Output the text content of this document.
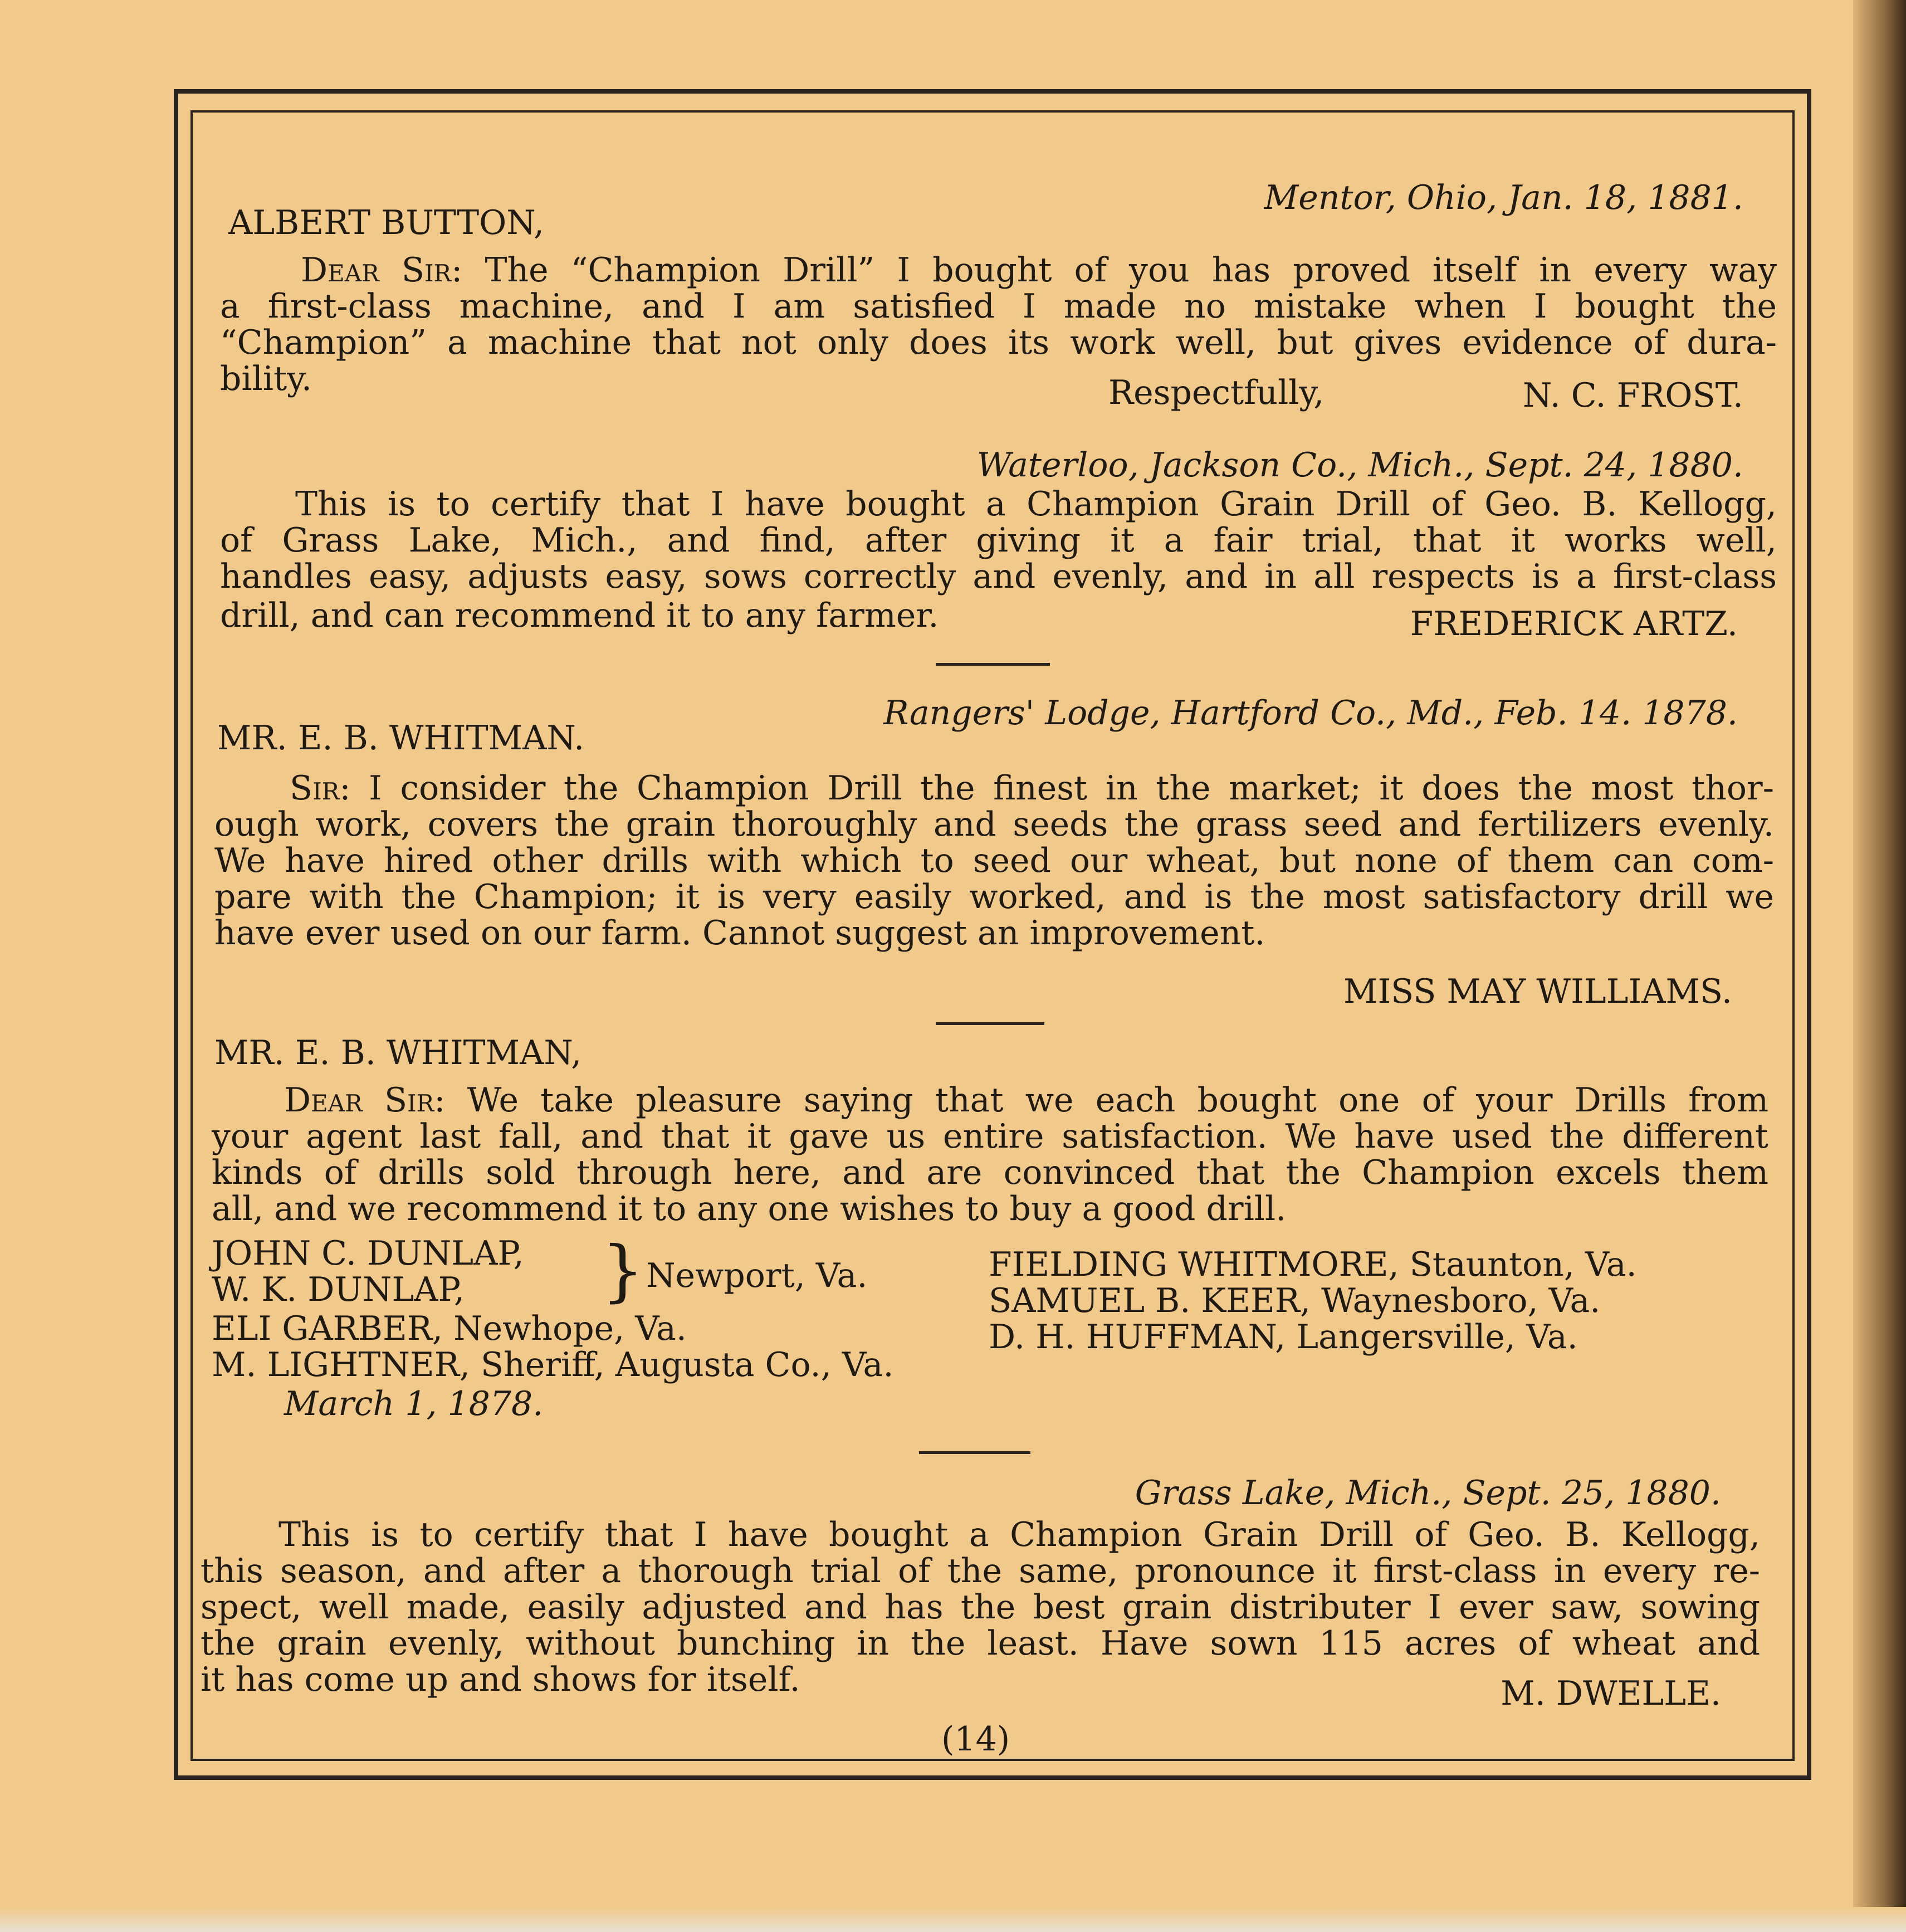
Mentor, Ohio, Jan. 18, 1881.
ALBERT BUTTON,
Dear Sir: The “Champion Drill” I bought of you has proved itself in every way
a first-class machine, and I am satisfied I made no mistake when I bought the
“Champion” a machine that not only does its work well, but gives evidence of dura-
bility.	Respectfully,	N. C. FROST.
Waterloo, Jackson Co., Mich., Sept. 24, 1880.
This is to certify that I have bought a Champion Grain Drill of Geo. B. Kellogg,
of Grass Lake, Mich., and find, after giving it a fair trial, that it works well,
handles easy, adjusts easy, sows correctly and evenly, and in all respects is a first-class
drill, and can recommend it to any farmer.	FREDERICK ARTZ.
Rangers' Lodge, Hartford Co., Md., Feb. 14. 1878.
MR. E. B. WHITMAN.
Sir: I consider the Champion Drill the finest in the market; it does the most thor-
ough work, covers the grain thoroughly and seeds the grass seed and fertilizers evenly.
We have hired other drills with which to seed our wheat, but none of them can com-
pare with the Champion; it is very easily worked, and is the most satisfactory drill we
have ever used on our farm. Cannot suggest an improvement.
MISS MAY WILLIAMS.
MR. E. B. WHITMAN,
Dear Sir: We take pleasure saying that we each bought one of your Drills from
your agent last fall, and that it gave us entire satisfaction. We have used the different
kinds of drills sold through here, and are convinced that the Champion excels them
all, and we recommend it to any one wishes to buy a good drill.
JOHN C. DUNLAP,
W. K. DUNLAP, } Newport, Va.
ELI GARBER, Newhope, Va.
M. LIGHTNER, Sheriff, Augusta Co., Va.
FIELDING WHITMORE, Staunton, Va.
SAMUEL B. KEER, Waynesboro, Va.
D. H. HUFFMAN, Langersville, Va.
March 1, 1878.
Grass Lake, Mich., Sept. 25, 1880.
This is to certify that I have bought a Champion Grain Drill of Geo. B. Kellogg,
this season, and after a thorough trial of the same, pronounce it first-class in every re-
spect, well made, easily adjusted and has the best grain distributer I ever saw, sowing
the grain evenly, without bunching in the least. Have sown 115 acres of wheat and
it has come up and shows for itself.	M. DWELLE.
(14)
